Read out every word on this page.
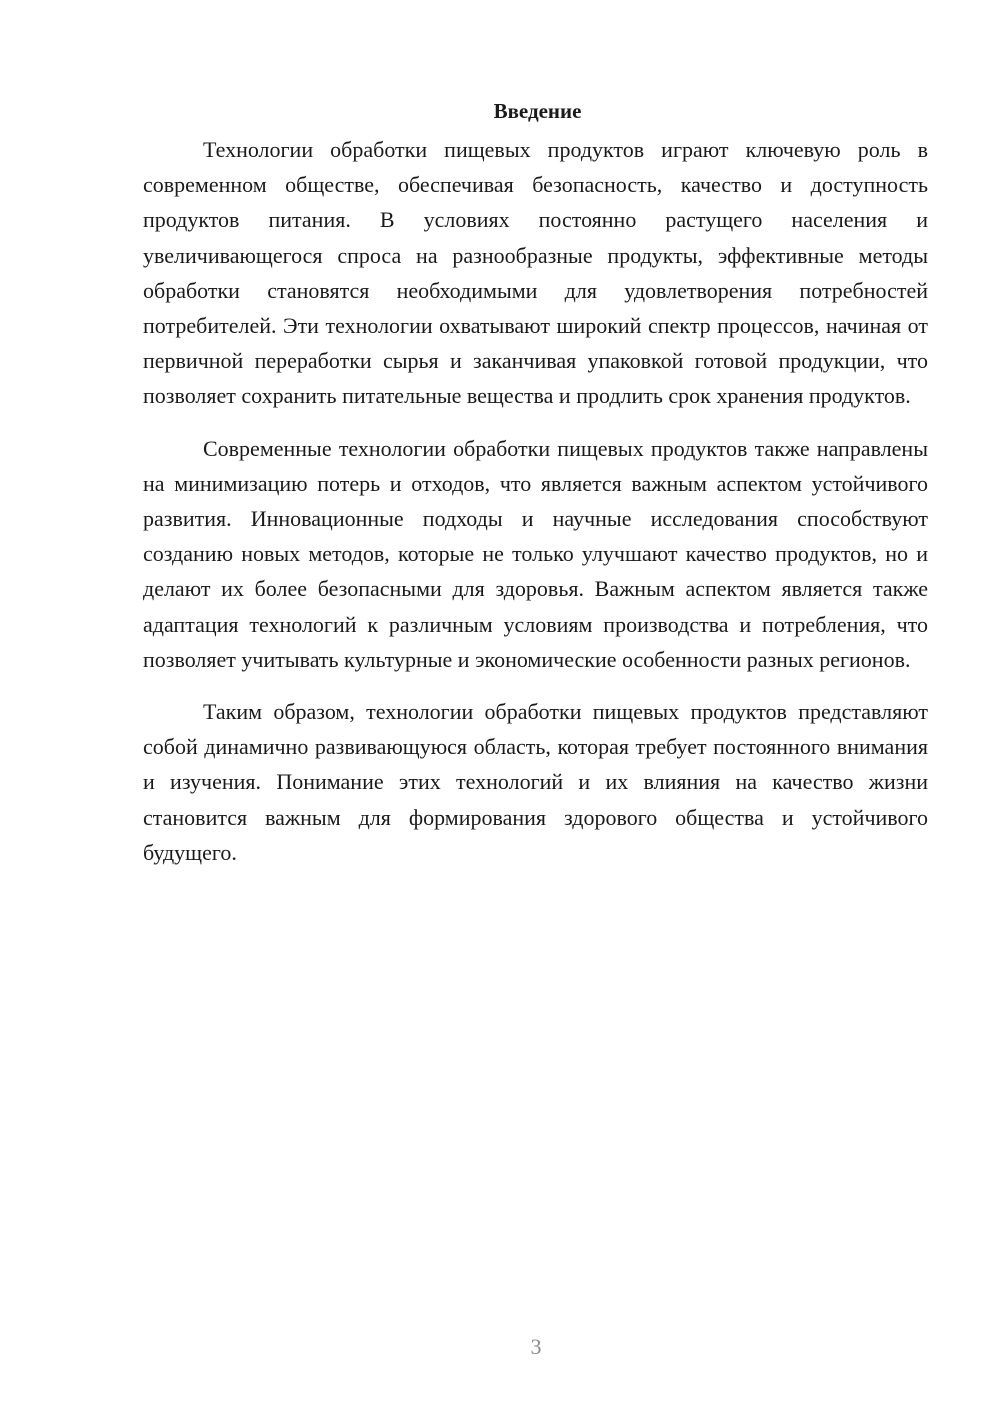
Введение

Технологии обработки пищевых продуктов играют ключевую роль в современном обществе, обеспечивая безопасность, качество и доступность продуктов питания. В условиях постоянно растущего населения и увеличивающегося спроса на разнообразные продукты, эффективные методы обработки становятся необходимыми для удовлетворения потребностей потребителей. Эти технологии охватывают широкий спектр процессов, начиная от первичной переработки сырья и заканчивая упаковкой готовой продукции, что позволяет сохранить питательные вещества и продлить срок хранения продуктов.

Современные технологии обработки пищевых продуктов также направлены на минимизацию потерь и отходов, что является важным аспектом устойчивого развития. Инновационные подходы и научные исследования способствуют созданию новых методов, которые не только улучшают качество продуктов, но и делают их более безопасными для здоровья. Важным аспектом является также адаптация технологий к различным условиям производства и потребления, что позволяет учитывать культурные и экономические особенности разных регионов.

Таким образом, технологии обработки пищевых продуктов представляют собой динамично развивающуюся область, которая требует постоянного внимания и изучения. Понимание этих технологий и их влияния на качество жизни становится важным для формирования здорового общества и устойчивого будущего.

3
